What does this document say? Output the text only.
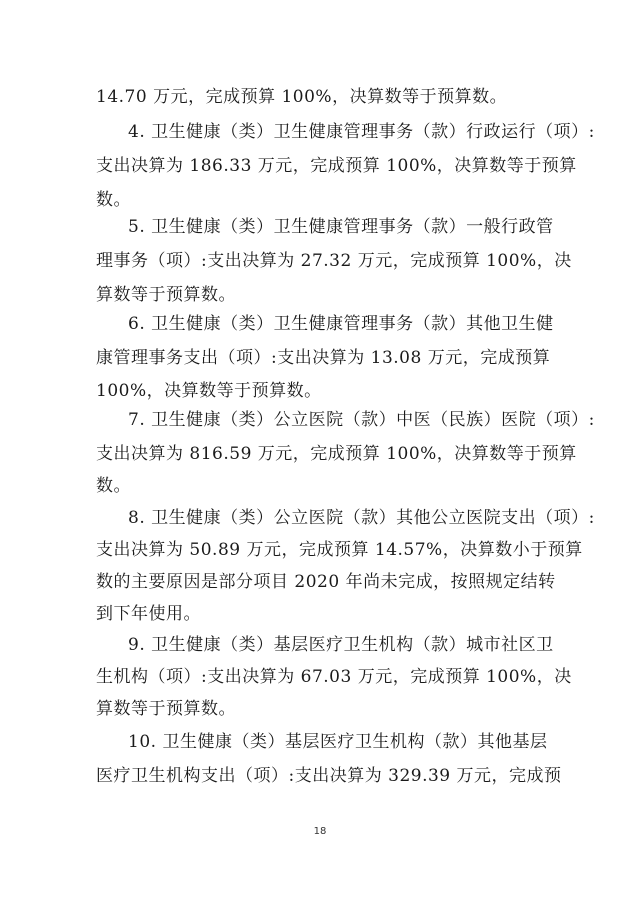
14.70 万元，完成预算 100%，决算数等于预算数。
4. 卫生健康（类）卫生健康管理事务（款）行政运行（项）:
支出决算为 186.33 万元，完成预算 100%，决算数等于预算
数。
5. 卫生健康（类）卫生健康管理事务（款）一般行政管
理事务（项）:支出决算为 27.32 万元，完成预算 100%，决
算数等于预算数。
6. 卫生健康（类）卫生健康管理事务（款）其他卫生健
康管理事务支出（项）:支出决算为 13.08 万元，完成预算
100%，决算数等于预算数。
7. 卫生健康（类）公立医院（款）中医（民族）医院（项）:
支出决算为 816.59 万元，完成预算 100%，决算数等于预算
数。
8. 卫生健康（类）公立医院（款）其他公立医院支出（项）:
支出决算为 50.89 万元，完成预算 14.57%，决算数小于预算
数的主要原因是部分项目 2020 年尚未完成，按照规定结转
到下年使用。
9. 卫生健康（类）基层医疗卫生机构（款）城市社区卫
生机构（项）:支出决算为 67.03 万元，完成预算 100%，决
算数等于预算数。
10. 卫生健康（类）基层医疗卫生机构（款）其他基层
医疗卫生机构支出（项）:支出决算为 329.39 万元，完成预
18
